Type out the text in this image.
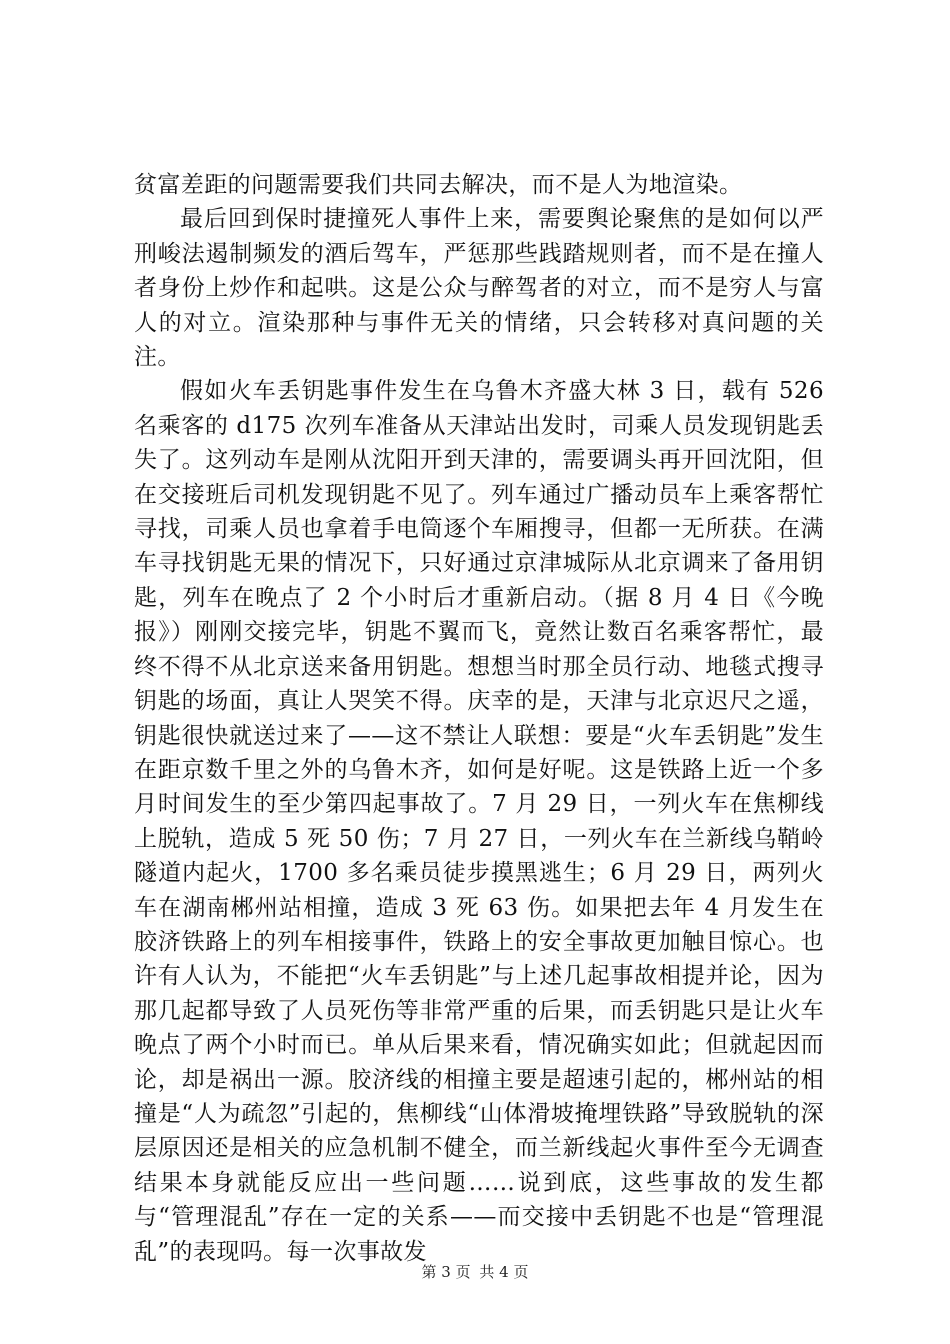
贫富差距的问题需要我们共同去解决，而不是人为地渲染。

最后回到保时捷撞死人事件上来，需要舆论聚焦的是如何以严刑峻法遏制频发的酒后驾车，严惩那些践踏规则者，而不是在撞人者身份上炒作和起哄。这是公众与醉驾者的对立，而不是穷人与富人的对立。渲染那种与事件无关的情绪，只会转移对真问题的关注。

假如火车丢钥匙事件发生在乌鲁木齐盛大林 3 日，载有 526 名乘客的 d175 次列车准备从天津站出发时，司乘人员发现钥匙丢失了。这列动车是刚从沈阳开到天津的，需要调头再开回沈阳，但在交接班后司机发现钥匙不见了。列车通过广播动员车上乘客帮忙寻找，司乘人员也拿着手电筒逐个车厢搜寻，但都一无所获。在满车寻找钥匙无果的情况下，只好通过京津城际从北京调来了备用钥匙，列车在晚点了 2 个小时后才重新启动。（据 8 月 4 日《今晚报》）刚刚交接完毕，钥匙不翼而飞，竟然让数百名乘客帮忙，最终不得不从北京送来备用钥匙。想想当时那全员行动、地毯式搜寻钥匙的场面，真让人哭笑不得。庆幸的是，天津与北京迟尺之遥，钥匙很快就送过来了——这不禁让人联想：要是“火车丢钥匙”发生在距京数千里之外的乌鲁木齐，如何是好呢。这是铁路上近一个多月时间发生的至少第四起事故了。7 月 29 日，一列火车在焦柳线上脱轨，造成 5 死 50 伤；7 月 27 日，一列火车在兰新线乌鞘岭隧道内起火，1700 多名乘员徒步摸黑逃生；6 月 29 日，两列火车在湖南郴州站相撞，造成 3 死 63 伤。如果把去年 4 月发生在胶济铁路上的列车相接事件，铁路上的安全事故更加触目惊心。也许有人认为，不能把“火车丢钥匙”与上述几起事故相提并论，因为那几起都导致了人员死伤等非常严重的后果，而丢钥匙只是让火车晚点了两个小时而已。单从后果来看，情况确实如此；但就起因而论，却是祸出一源。胶济线的相撞主要是超速引起的，郴州站的相撞是“人为疏忽”引起的，焦柳线“山体滑坡掩埋铁路”导致脱轨的深层原因还是相关的应急机制不健全，而兰新线起火事件至今无调查结果本身就能反应出一些问题……说到底，这些事故的发生都与“管理混乱”存在一定的关系——而交接中丢钥匙不也是“管理混乱”的表现吗。每一次事故发

第 3 页 共 4 页
